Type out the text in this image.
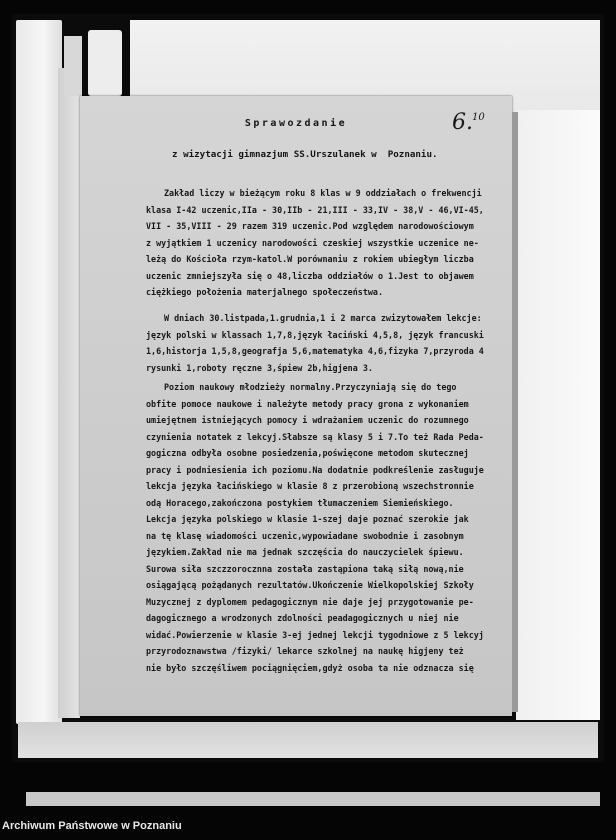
Sprawozdanie	6. 10
z wizytacji gimnazjum SS.Urszulanek w  Poznaniu.
Zakład liczy w bieżącym roku 8 klas w 9 oddziałach o frekwencji
klasa I-42 uczenic,IIa - 30,IIb - 21,III - 33,IV - 38,V - 46,VI-45,
VII - 35,VIII - 29 razem 319 uczenic.Pod względem narodowościowym
z wyjątkiem 1 uczenicy narodowości czeskiej wszystkie uczenice ne-
leżą do Kościoła rzym-katol.W porównaniu z rokiem ubiegłym liczba
uczenic zmniejszyła się o 48,liczba oddziałów o 1.Jest to objawem
ciężkiego położenia materjalnego społeczeństwa.
W dniach 30.listpada,1.grudnia,1 i 2 marca zwizytowałem lekcje:
język polski w klassach 1,7,8,język łaciński 4,5,8, język francuski
1,6,historja 1,5,8,geografja 5,6,matematyka 4,6,fizyka 7,przyroda 4
rysunki 1,roboty ręczne 3,śpiew 2b,higjena 3.
Poziom naukowy młodzieży normalny.Przyczyniają się do tego
obfite pomoce naukowe i należyte metody pracy grona z wykonaniem
umiejętnem istniejących pomocy i wdrażaniem uczenic do rozumnego
czynienia notatek z lekcyj.Słabsze są klasy 5 i 7.To też Rada Peda-
gogiczna odbyła osobne posiedzenia,poświęcone metodom skutecznej
pracy i podniesienia ich poziomu.Na dodatnie podkreślenie zasługuje
lekcja języka łacińskiego w klasie 8 z przerobioną wszechstronnie
odą Horacego,zakończona postykiem tłumaczeniem Siemieńskiego.
Lekcja języka polskiego w klasie 1-szej daje poznać szerokie jak
na tę klasę wiadomości uczenic,wypowiadane swobodnie i zasobnym
językiem.Zakład nie ma jednak szczęścia do nauczycielek śpiewu.
Surowa siła szczzorocznna została zastąpiona taką siłą nową,nie
osiągającą pożądanych rezultatów.Ukończenie Wielkopolskiej Szkoły
Muzycznej z dyplomem pedagogicznym nie daje jej przygotowanie pe-
dagogicznego a wrodzonych zdolności peadagogicznych u niej nie
widać.Powierzenie w klasie 3-ej jednej lekcji tygodniowe z 5 lekcyj
przyrodoznawstwa /fizyki/ lekarce szkolnej na naukę higjeny też
nie było szczęśliwem pociągnięciem,gdyż osoba ta nie odznacza się
Archiwum Państwowe w Poznaniu
